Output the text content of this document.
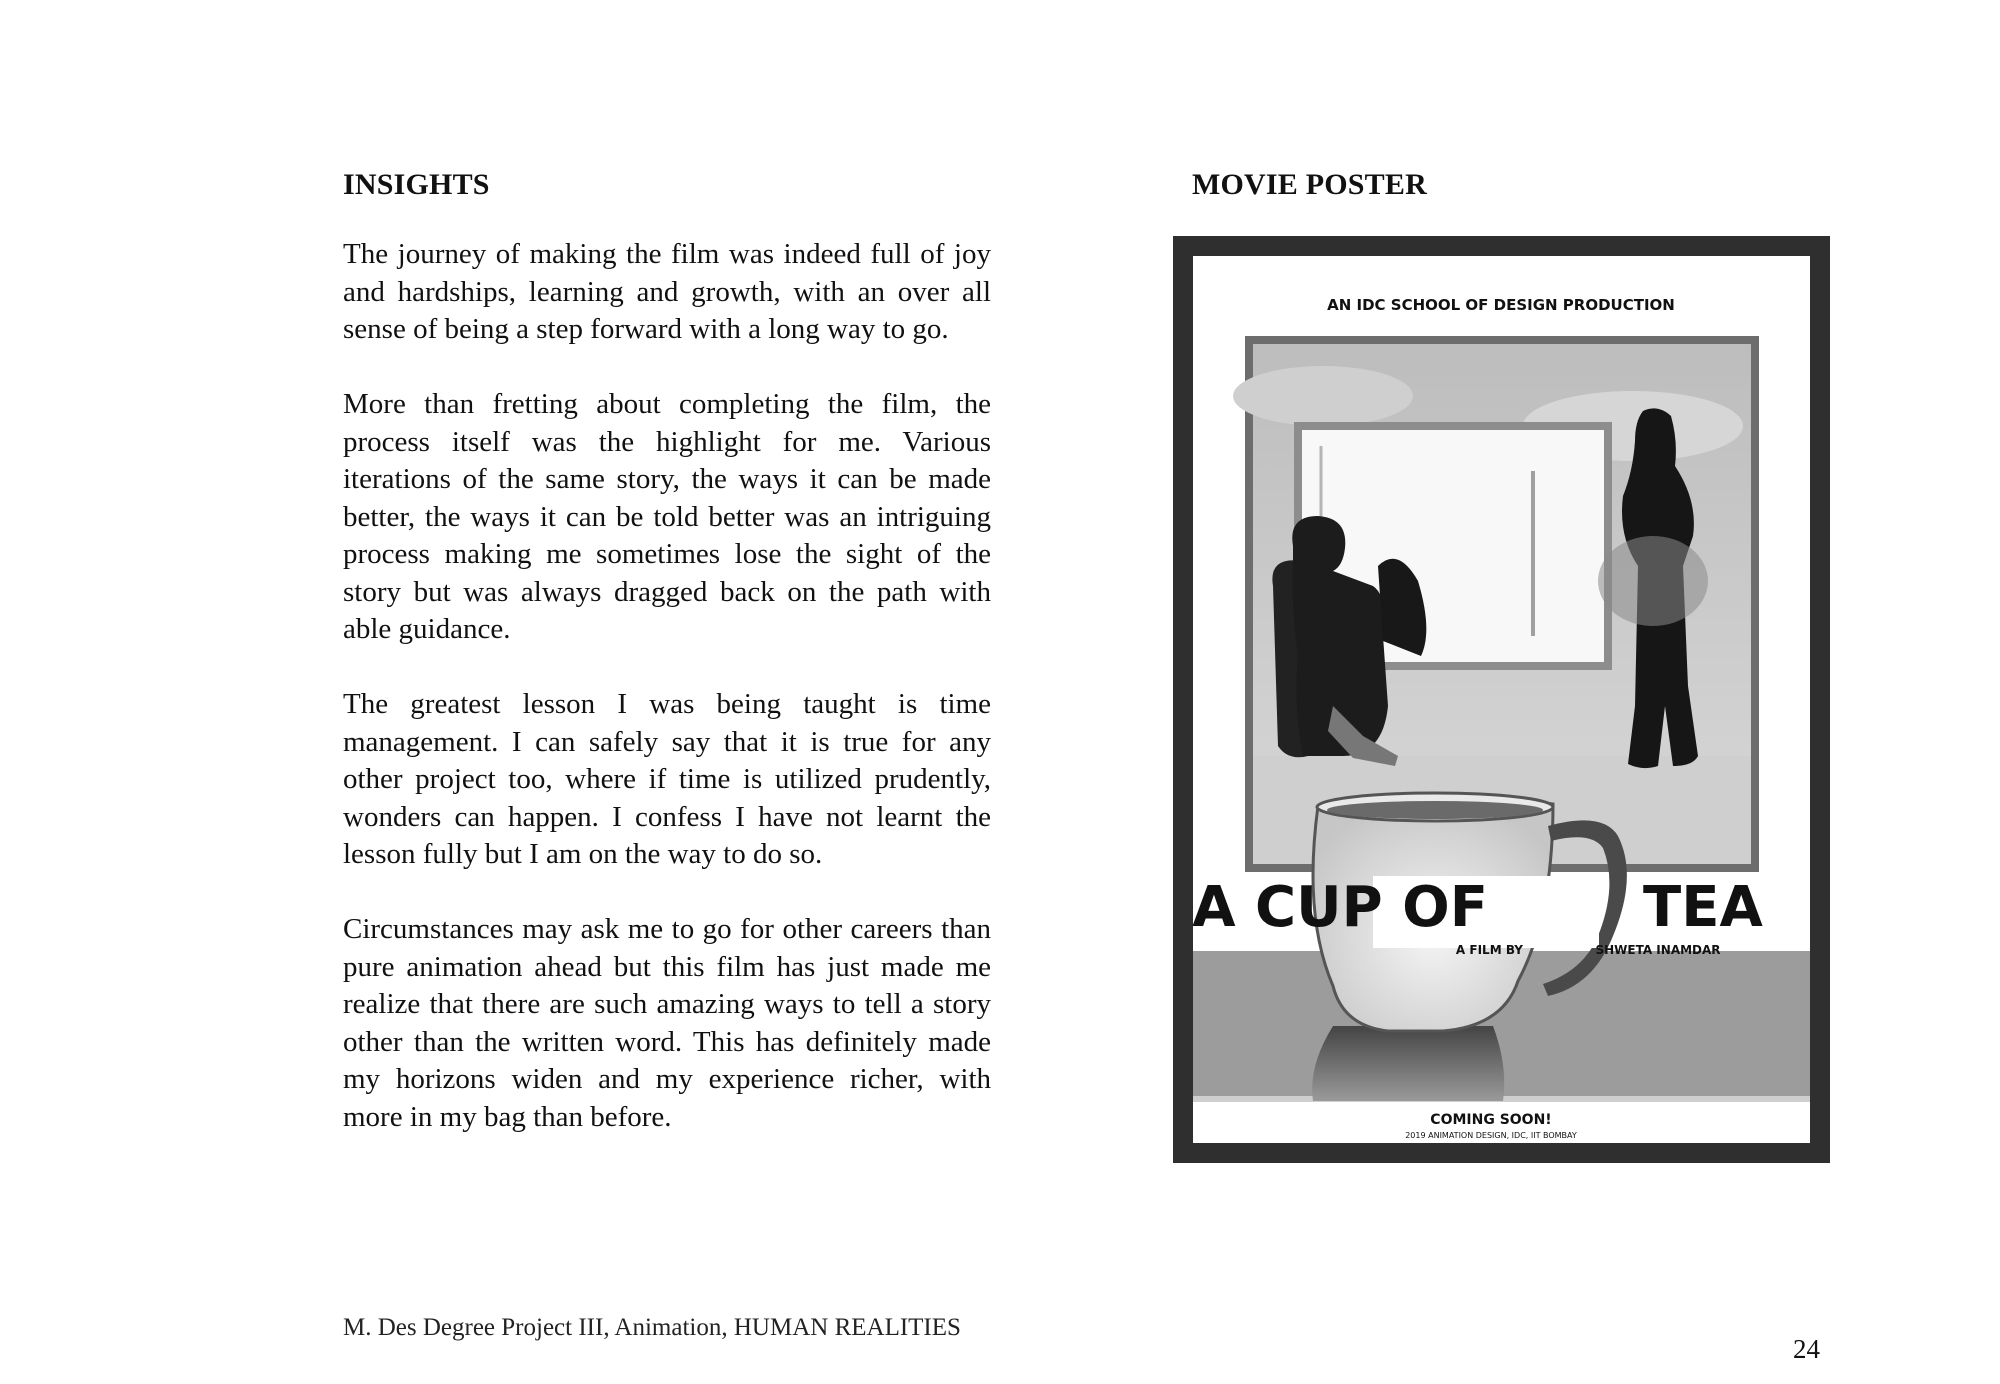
INSIGHTS

The journey of making the film was indeed full of joy and hardships, learning and growth, with an over all sense of being a step forward with a long way to go.

More than fretting about completing the film, the process itself was the highlight for me. Various iterations of the same story, the ways it can be made better, the ways it can be told better was an intriguing process making me sometimes lose the sight of the story but was always dragged back on the path with able guidance.

The greatest lesson I was being taught is time management. I can safely say that it is true for any other project too, where if time is utilized prudently, wonders can happen. I confess I have not learnt the lesson fully but I am on the way to do so.

Circumstances may ask me to go for other careers than pure animation ahead but this film has just made me realize that there are such amazing ways to tell a story other than the written word. This has definitely made my horizons widen and my experience richer, with more in my bag than before.

MOVIE POSTER
AN IDC SCHOOL OF DESIGN PRODUCTION
A CUP OF	TEA
A FILM BY	SHWETA INAMDAR
COMING SOON!
2019 ANIMATION DESIGN, IDC, IIT BOMBAY
M. Des Degree Project III, Animation, HUMAN REALITIES
24
